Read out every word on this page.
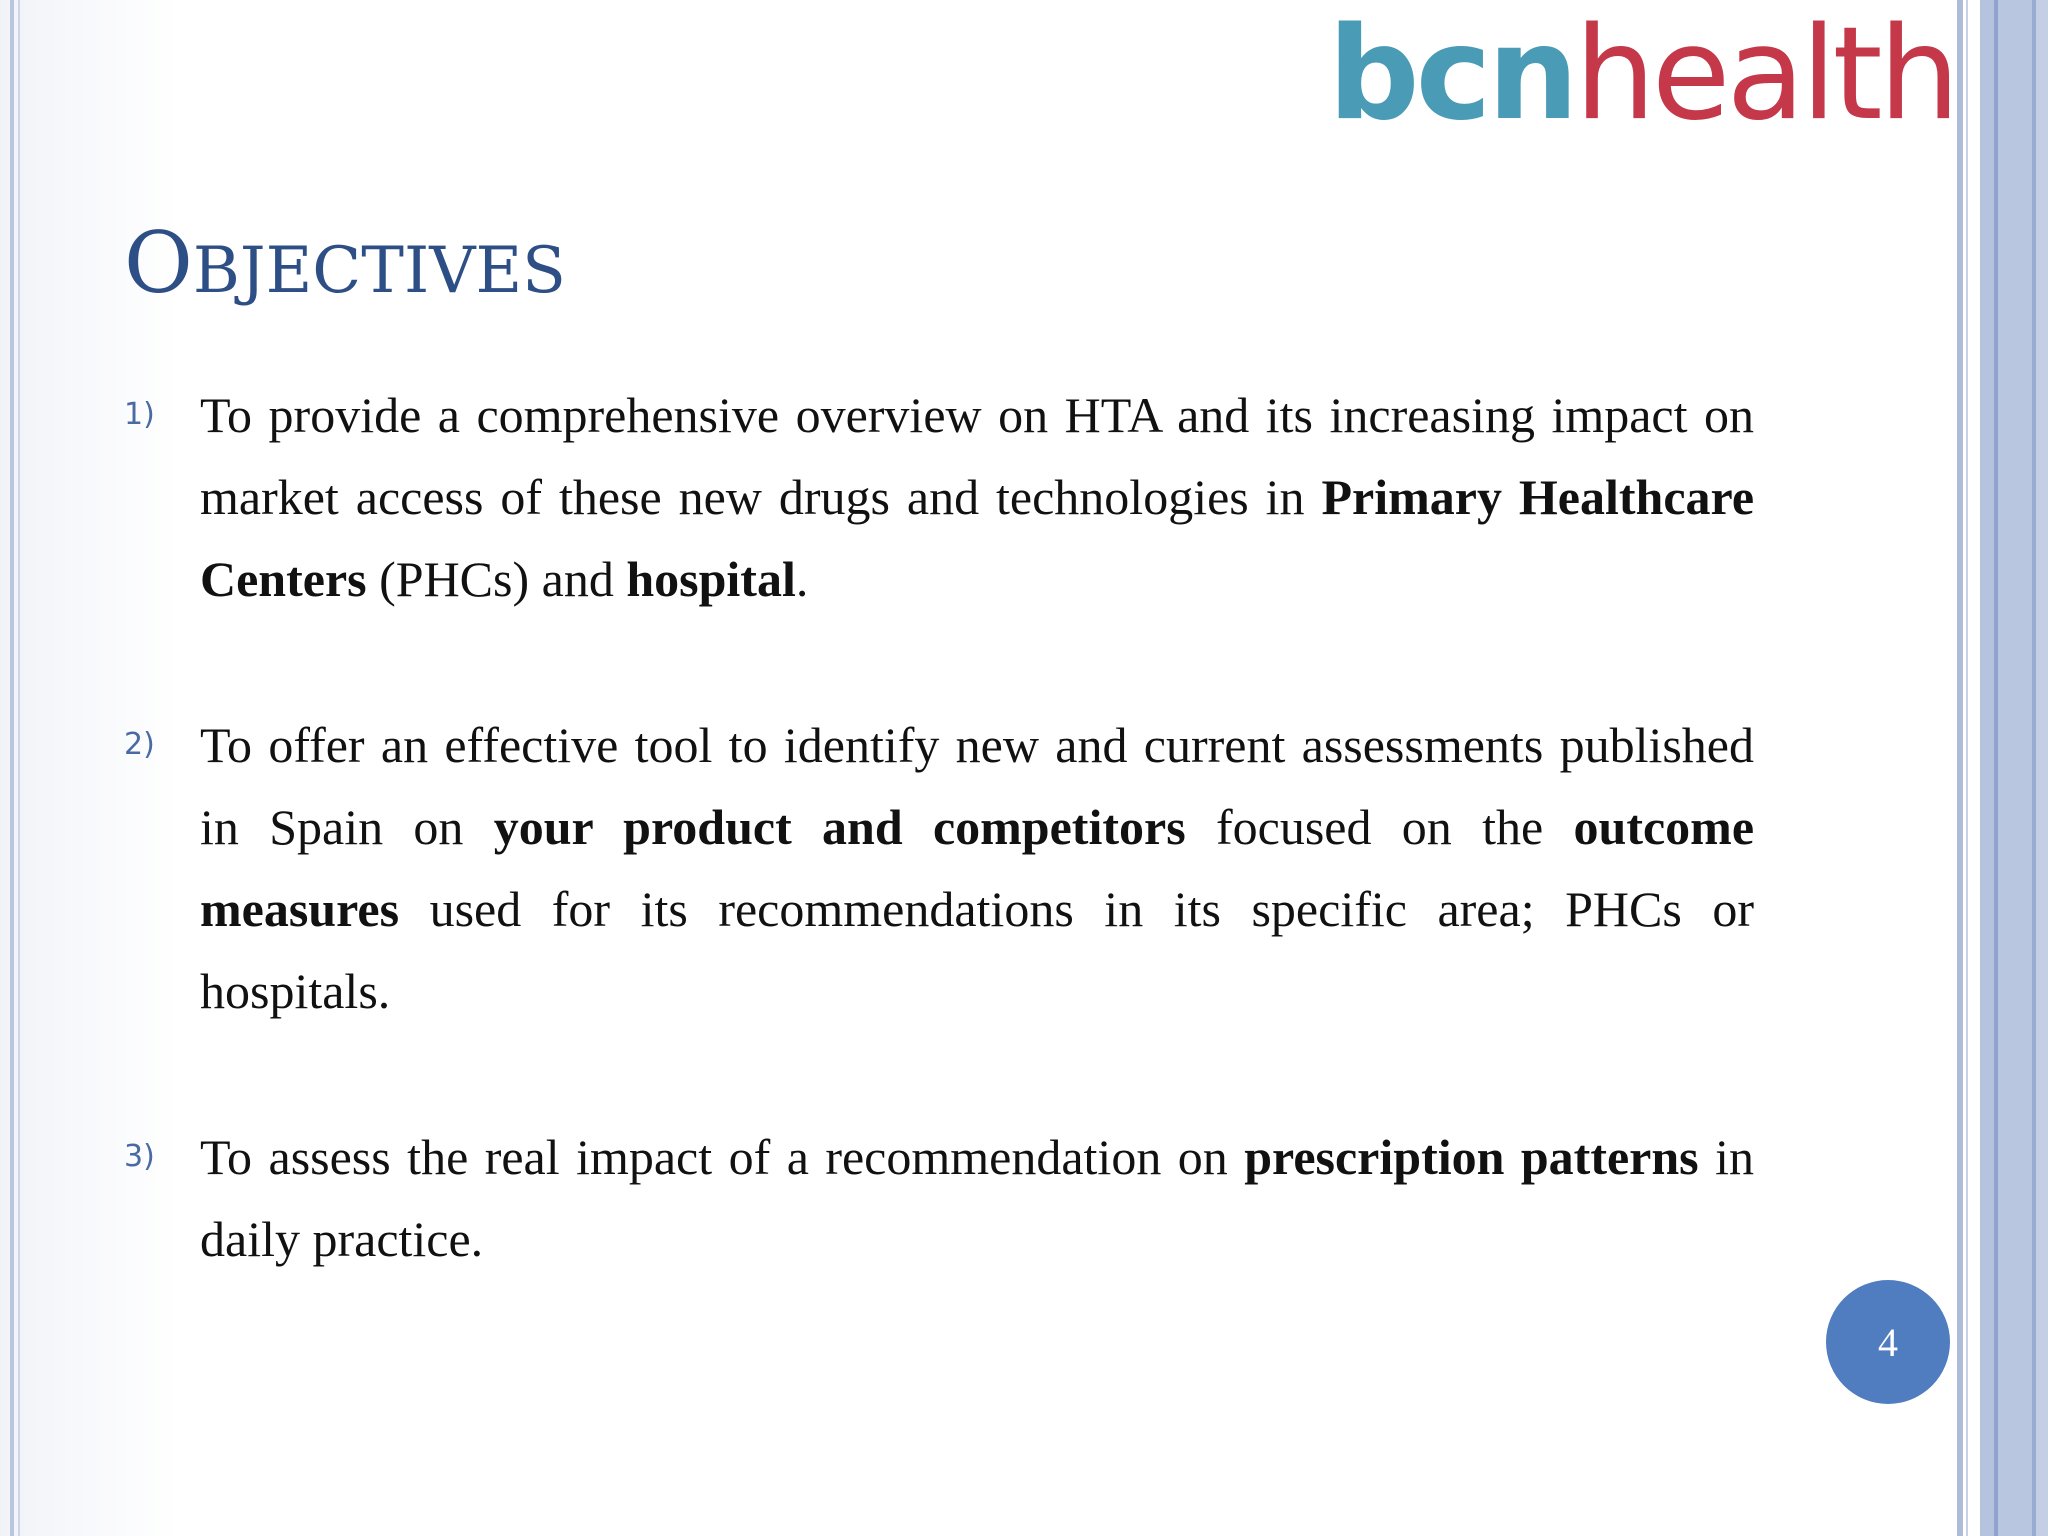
bcnhealth
OBJECTIVES
1) To provide a comprehensive overview on HTA and its increasing impact on market access of these new drugs and technologies in Primary Healthcare Centers (PHCs) and hospital.
2) To offer an effective tool to identify new and current assessments published in Spain on your product and competitors focused on the outcome measures used for its recommendations in its specific area; PHCs or hospitals.
3) To assess the real impact of a recommendation on prescription patterns in daily practice.
4
